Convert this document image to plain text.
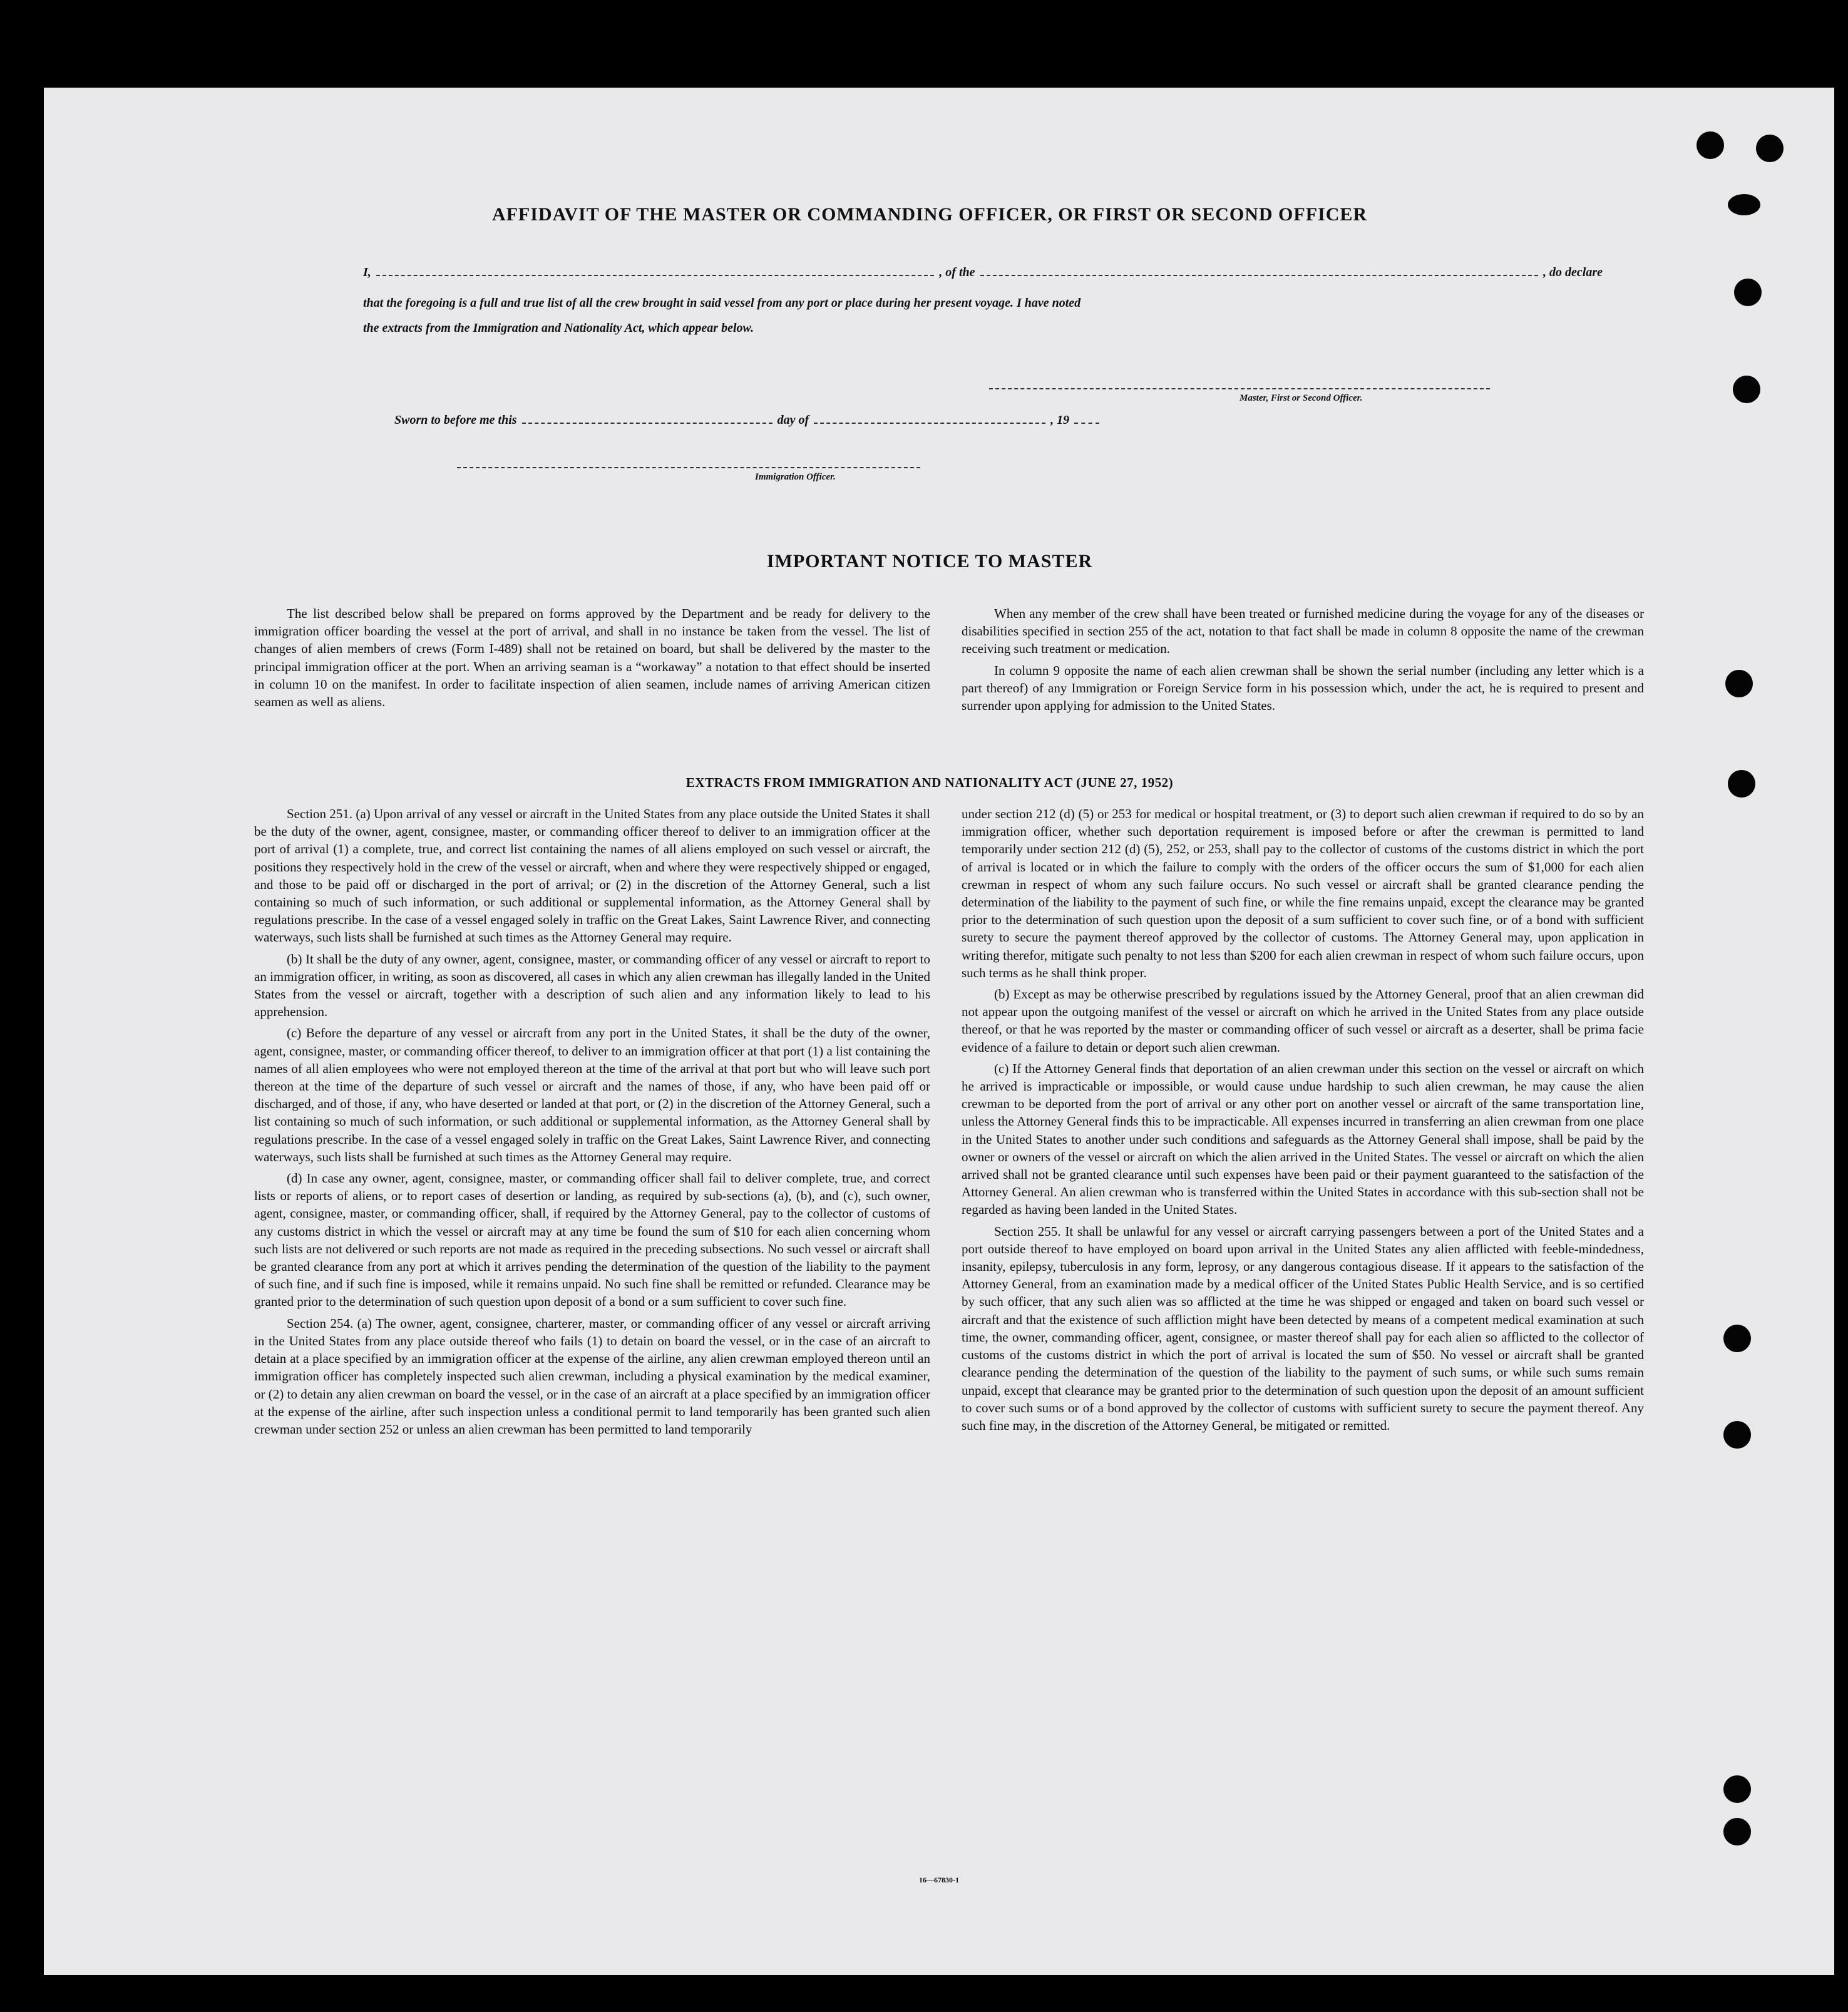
AFFIDAVIT OF THE MASTER OR COMMANDING OFFICER, OR FIRST OR SECOND OFFICER
I,	, of the	, do declare

that the foregoing is a full and true list of all the crew brought in said vessel from any port or place during her present voyage. I have noted

the extracts from the Immigration and Nationality Act, which appear below.

Master, First or Second Officer.
Sworn to before me this	day of	, 19
Immigration Officer.
IMPORTANT NOTICE TO MASTER

The list described below shall be prepared on forms approved by the Department and be ready for delivery to the immigration officer boarding the vessel at the port of arrival, and shall in no instance be taken from the vessel. The list of changes of alien members of crews (Form I-489) shall not be retained on board, but shall be delivered by the master to the principal immigration officer at the port. When an arriving seaman is a “workaway” a notation to that effect should be inserted in column 10 on the manifest. In order to facilitate inspection of alien seamen, include names of arriving American citizen seamen as well as aliens.

When any member of the crew shall have been treated or furnished medicine during the voyage for any of the diseases or disabilities specified in section 255 of the act, notation to that fact shall be made in column 8 opposite the name of the crewman receiving such treatment or medication.

In column 9 opposite the name of each alien crewman shall be shown the serial number (including any letter which is a part thereof) of any Immigration or Foreign Service form in his possession which, under the act, he is required to present and surrender upon applying for admission to the United States.

EXTRACTS FROM IMMIGRATION AND NATIONALITY ACT (JUNE 27, 1952)

Section 251. (a) Upon arrival of any vessel or aircraft in the United States from any place outside the United States it shall be the duty of the owner, agent, consignee, master, or commanding officer thereof to deliver to an immigration officer at the port of arrival (1) a complete, true, and correct list containing the names of all aliens employed on such vessel or aircraft, the positions they respectively hold in the crew of the vessel or aircraft, when and where they were respectively shipped or engaged, and those to be paid off or discharged in the port of arrival; or (2) in the discretion of the Attorney General, such a list containing so much of such information, or such additional or supplemental information, as the Attorney General shall by regulations prescribe. In the case of a vessel engaged solely in traffic on the Great Lakes, Saint Lawrence River, and connecting waterways, such lists shall be furnished at such times as the Attorney General may require.

(b) It shall be the duty of any owner, agent, consignee, master, or commanding officer of any vessel or aircraft to report to an immigration officer, in writing, as soon as discovered, all cases in which any alien crewman has illegally landed in the United States from the vessel or aircraft, together with a description of such alien and any information likely to lead to his apprehension.

(c) Before the departure of any vessel or aircraft from any port in the United States, it shall be the duty of the owner, agent, consignee, master, or commanding officer thereof, to deliver to an immigration officer at that port (1) a list containing the names of all alien employees who were not employed thereon at the time of the arrival at that port but who will leave such port thereon at the time of the departure of such vessel or aircraft and the names of those, if any, who have been paid off or discharged, and of those, if any, who have deserted or landed at that port, or (2) in the discretion of the Attorney General, such a list containing so much of such information, or such additional or supplemental information, as the Attorney General shall by regulations prescribe. In the case of a vessel engaged solely in traffic on the Great Lakes, Saint Lawrence River, and connecting waterways, such lists shall be furnished at such times as the Attorney General may require.

(d) In case any owner, agent, consignee, master, or commanding officer shall fail to deliver complete, true, and correct lists or reports of aliens, or to report cases of desertion or landing, as required by sub-sections (a), (b), and (c), such owner, agent, consignee, master, or commanding officer, shall, if required by the Attorney General, pay to the collector of customs of any customs district in which the vessel or aircraft may at any time be found the sum of $10 for each alien concerning whom such lists are not delivered or such reports are not made as required in the preceding subsections. No such vessel or aircraft shall be granted clearance from any port at which it arrives pending the determination of the question of the liability to the payment of such fine, and if such fine is imposed, while it remains unpaid. No such fine shall be remitted or refunded. Clearance may be granted prior to the determination of such question upon deposit of a bond or a sum sufficient to cover such fine.

Section 254. (a) The owner, agent, consignee, charterer, master, or commanding officer of any vessel or aircraft arriving in the United States from any place outside thereof who fails (1) to detain on board the vessel, or in the case of an aircraft to detain at a place specified by an immigration officer at the expense of the airline, any alien crewman employed thereon until an immigration officer has completely inspected such alien crewman, including a physical examination by the medical examiner, or (2) to detain any alien crewman on board the vessel, or in the case of an aircraft at a place specified by an immigration officer at the expense of the airline, after such inspection unless a conditional permit to land temporarily has been granted such alien crewman under section 252 or unless an alien crewman has been permitted to land temporarily

under section 212 (d) (5) or 253 for medical or hospital treatment, or (3) to deport such alien crewman if required to do so by an immigration officer, whether such deportation requirement is imposed before or after the crewman is permitted to land temporarily under section 212 (d) (5), 252, or 253, shall pay to the collector of customs of the customs district in which the port of arrival is located or in which the failure to comply with the orders of the officer occurs the sum of $1,000 for each alien crewman in respect of whom any such failure occurs. No such vessel or aircraft shall be granted clearance pending the determination of the liability to the payment of such fine, or while the fine remains unpaid, except the clearance may be granted prior to the determination of such question upon the deposit of a sum sufficient to cover such fine, or of a bond with sufficient surety to secure the payment thereof approved by the collector of customs. The Attorney General may, upon application in writing therefor, mitigate such penalty to not less than $200 for each alien crewman in respect of whom such failure occurs, upon such terms as he shall think proper.

(b) Except as may be otherwise prescribed by regulations issued by the Attorney General, proof that an alien crewman did not appear upon the outgoing manifest of the vessel or aircraft on which he arrived in the United States from any place outside thereof, or that he was reported by the master or commanding officer of such vessel or aircraft as a deserter, shall be prima facie evidence of a failure to detain or deport such alien crewman.

(c) If the Attorney General finds that deportation of an alien crewman under this section on the vessel or aircraft on which he arrived is impracticable or impossible, or would cause undue hardship to such alien crewman, he may cause the alien crewman to be deported from the port of arrival or any other port on another vessel or aircraft of the same transportation line, unless the Attorney General finds this to be impracticable. All expenses incurred in transferring an alien crewman from one place in the United States to another under such conditions and safeguards as the Attorney General shall impose, shall be paid by the owner or owners of the vessel or aircraft on which the alien arrived in the United States. The vessel or aircraft on which the alien arrived shall not be granted clearance until such expenses have been paid or their payment guaranteed to the satisfaction of the Attorney General. An alien crewman who is transferred within the United States in accordance with this sub-section shall not be regarded as having been landed in the United States.

Section 255. It shall be unlawful for any vessel or aircraft carrying passengers between a port of the United States and a port outside thereof to have employed on board upon arrival in the United States any alien afflicted with feeble-mindedness, insanity, epilepsy, tuberculosis in any form, leprosy, or any dangerous contagious disease. If it appears to the satisfaction of the Attorney General, from an examination made by a medical officer of the United States Public Health Service, and is so certified by such officer, that any such alien was so afflicted at the time he was shipped or engaged and taken on board such vessel or aircraft and that the existence of such affliction might have been detected by means of a competent medical examination at such time, the owner, commanding officer, agent, consignee, or master thereof shall pay for each alien so afflicted to the collector of customs of the customs district in which the port of arrival is located the sum of $50. No vessel or aircraft shall be granted clearance pending the determination of the question of the liability to the payment of such sums, or while such sums remain unpaid, except that clearance may be granted prior to the determination of such question upon the deposit of an amount sufficient to cover such sums or of a bond approved by the collector of customs with sufficient surety to secure the payment thereof. Any such fine may, in the discretion of the Attorney General, be mitigated or remitted.

16—67830-1
